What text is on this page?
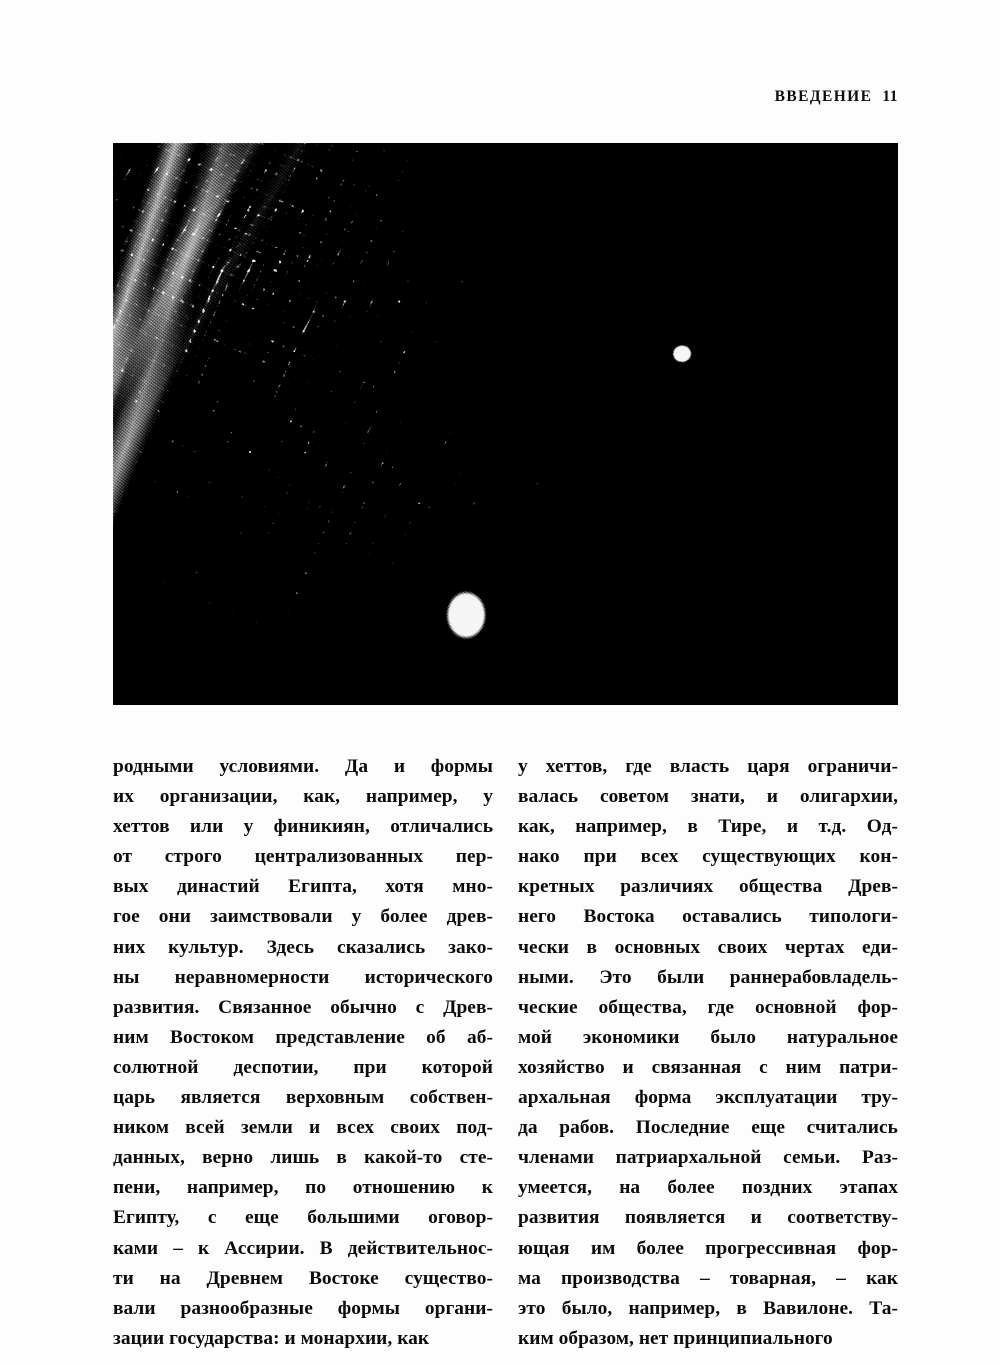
ВВЕДЕНИЕ 11

родными условиями. Да и формы
их организации, как, например, у
хеттов или у финикиян, отличались
от строго централизованных пер-
вых династий Египта, хотя мно-
гое они заимствовали у более древ-
них культур. Здесь сказались зако-
ны неравномерности исторического
развития. Связанное обычно с Древ-
ним Востоком представление об аб-
солютной деспотии, при которой
царь является верховным собствен-
ником всей земли и всех своих под-
данных, верно лишь в какой-то сте-
пени, например, по отношению к
Египту, с еще большими оговор-
ками – к Ассирии. В действительнос-
ти на Древнем Востоке существо-
вали разнообразные формы органи-
зации государства: и монархии, как

у хеттов, где власть царя ограничи-
валась советом знати, и олигархии,
как, например, в Тире, и т.д. Од-
нако при всех существующих кон-
кретных различиях общества Древ-
него Востока оставались типологи-
чески в основных своих чертах еди-
ными. Это были раннерабовладель-
ческие общества, где основной фор-
мой экономики было натуральное
хозяйство и связанная с ним патри-
архальная форма эксплуатации тру-
да рабов. Последние еще считались
членами патриархальной семьи. Раз-
умеется, на более поздних этапах
развития появляется и соответству-
ющая им более прогрессивная фор-
ма производства – товарная, – как
это было, например, в Вавилоне. Та-
ким образом, нет принципиального
